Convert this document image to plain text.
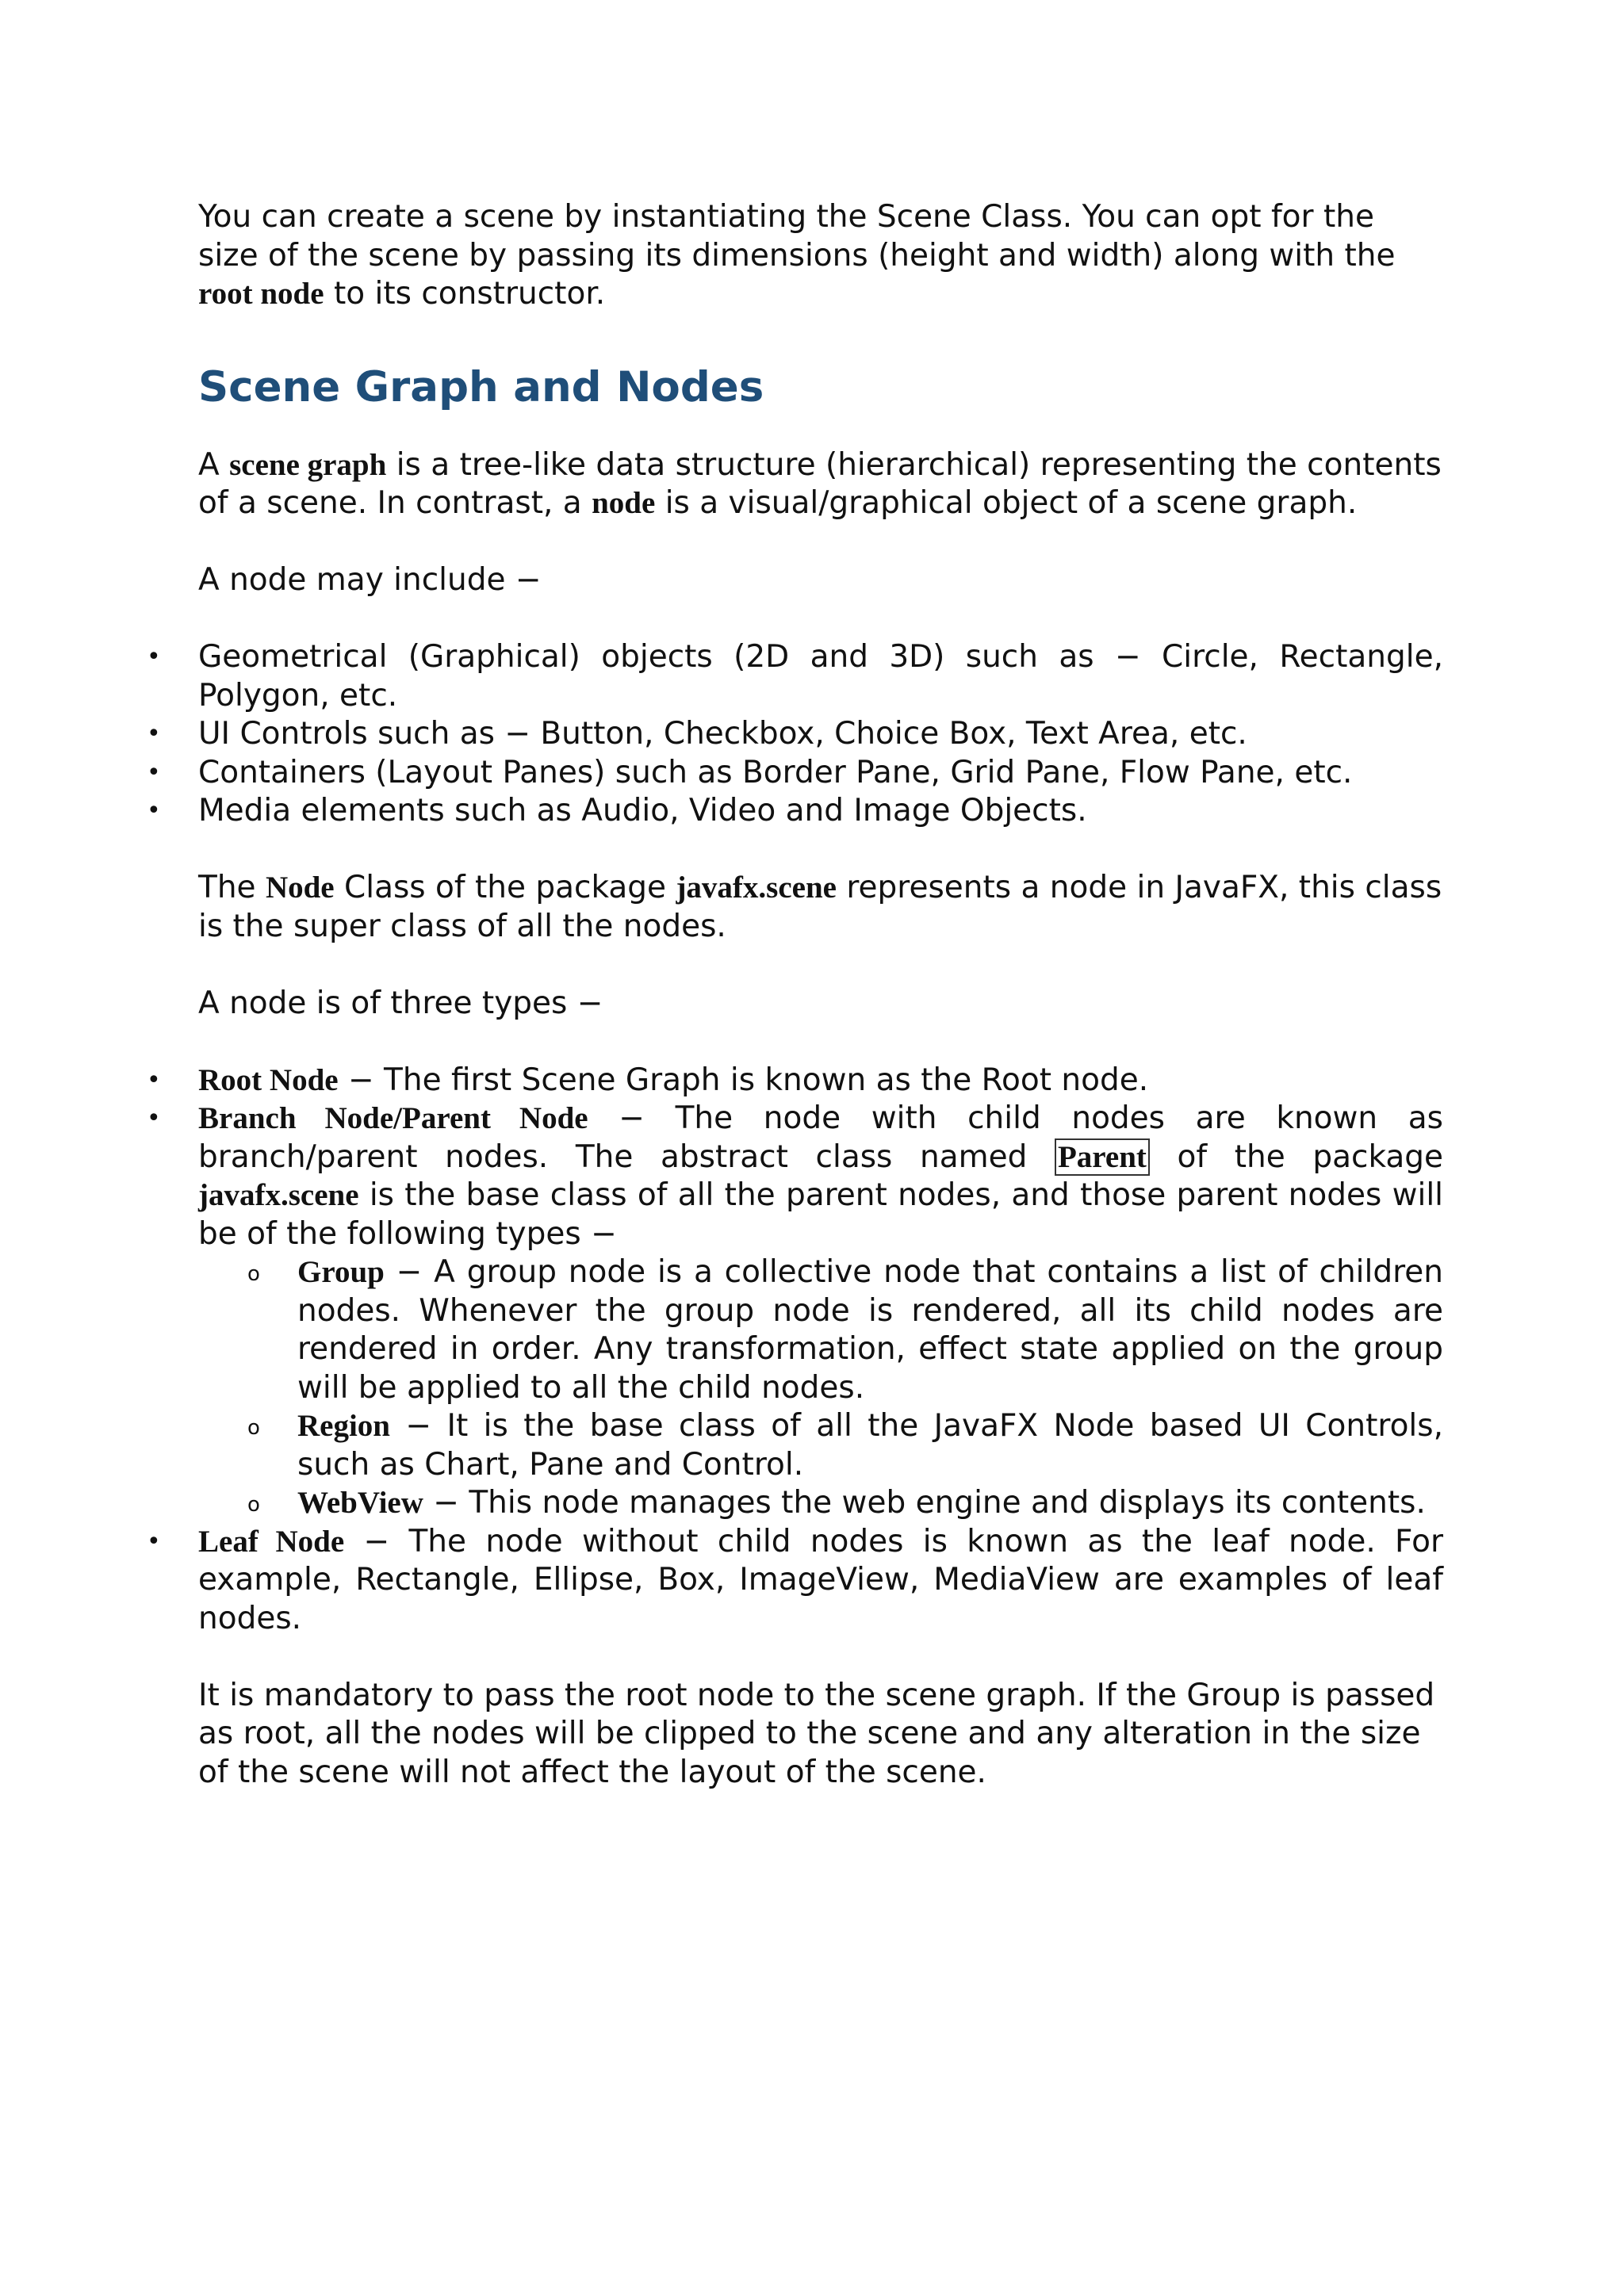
You can create a scene by instantiating the Scene Class. You can opt for the size of the scene by passing its dimensions (height and width) along with the root node to its constructor.

Scene Graph and Nodes

A scene graph is a tree-like data structure (hierarchical) representing the contents of a scene. In contrast, a node is a visual/graphical object of a scene graph.

A node may include −

• Geometrical (Graphical) objects (2D and 3D) such as − Circle, Rectangle, Polygon, etc.
• UI Controls such as − Button, Checkbox, Choice Box, Text Area, etc.
• Containers (Layout Panes) such as Border Pane, Grid Pane, Flow Pane, etc.
• Media elements such as Audio, Video and Image Objects.

The Node Class of the package javafx.scene represents a node in JavaFX, this class is the super class of all the nodes.

A node is of three types −

• Root Node − The first Scene Graph is known as the Root node.
• Branch Node/Parent Node − The node with child nodes are known as branch/parent nodes. The abstract class named Parent of the package javafx.scene is the base class of all the parent nodes, and those parent nodes will be of the following types −
o Group − A group node is a collective node that contains a list of children nodes. Whenever the group node is rendered, all its child nodes are rendered in order. Any transformation, effect state applied on the group will be applied to all the child nodes.
o Region − It is the base class of all the JavaFX Node based UI Controls, such as Chart, Pane and Control.
o WebView − This node manages the web engine and displays its contents.
• Leaf Node − The node without child nodes is known as the leaf node. For example, Rectangle, Ellipse, Box, ImageView, MediaView are examples of leaf nodes.

It is mandatory to pass the root node to the scene graph. If the Group is passed as root, all the nodes will be clipped to the scene and any alteration in the size of the scene will not affect the layout of the scene.
